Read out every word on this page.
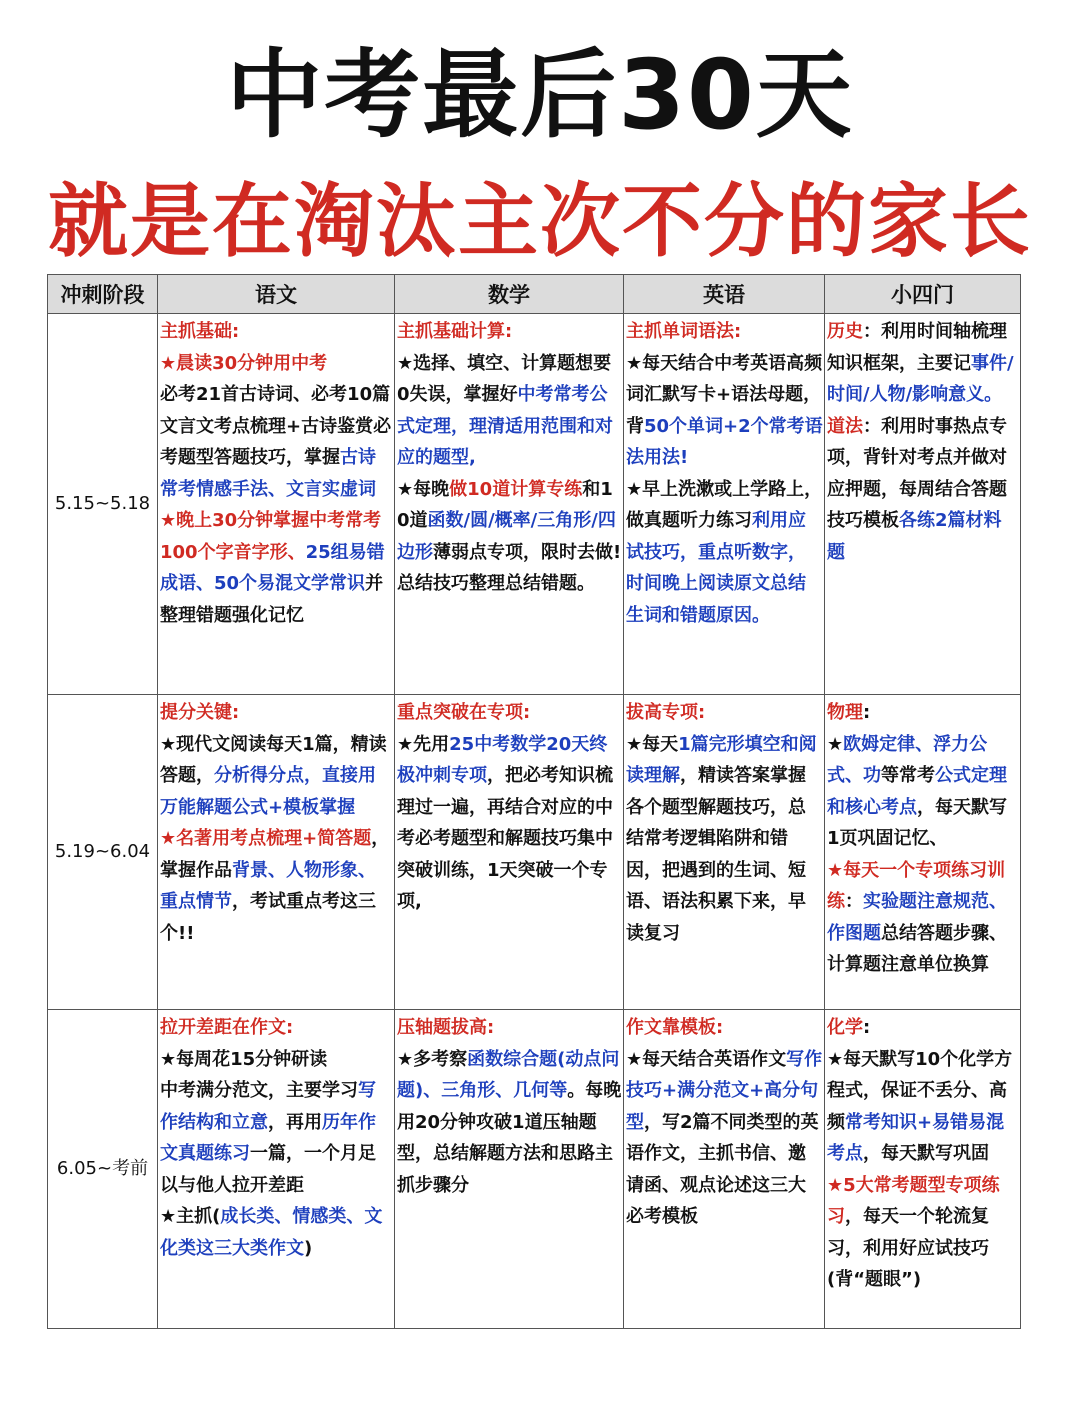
中考最后30天
就是在淘汰主次不分的家长
冲刺阶段	语文	数学	英语	小四门
5.15~5.18	主抓基础:
★晨读30分钟用中考
必考21首古诗词、必考10篇文言文考点梳理+古诗鉴赏必考题型答题技巧，掌握古诗常考情感手法、文言实虚词
★晚上30分钟掌握中考常考100个字音字形、25组易错成语、50个易混文学常识并整理错题强化记忆	主抓基础计算:
★选择、填空、计算题想要0失误，掌握好中考常考公式定理，理清适用范围和对应的题型,
★每晚做10道计算专练和10道函数/圆/概率/三角形/四边形薄弱点专项，限时去做!总结技巧整理总结错题。	主抓单词语法:
★每天结合中考英语高频词汇默写卡+语法母题，背50个单词+2个常考语法用法!
★早上洗漱或上学路上，做真题听力练习利用应试技巧，重点听数字，时间晚上阅读原文总结生词和错题原因。	历史：利用时间轴梳理知识框架，主要记事件/时间/人物/影响意义。
道法：利用时事热点专项，背针对考点并做对应押题，每周结合答题技巧模板各练2篇材料题
5.19~6.04	提分关键:
★现代文阅读每天1篇，精读答题，分析得分点，直接用万能解题公式+模板掌握
★名著用考点梳理+简答题，掌握作品背景、人物形象、重点情节，考试重点考这三个!!	重点突破在专项:
★先用25中考数学20天终极冲刺专项，把必考知识梳理过一遍，再结合对应的中考必考题型和解题技巧集中突破训练，1天突破一个专项,	拔高专项:
★每天1篇完形填空和阅读理解，精读答案掌握各个题型解题技巧，总结常考逻辑陷阱和错因，把遇到的生词、短语、语法积累下来，早读复习	物理:
★欧姆定律、浮力公式、功等常考公式定理和核心考点，每天默写1页巩固记忆、
★每天一个专项练习训练：实验题注意规范、作图题总结答题步骤、计算题注意单位换算
6.05~考前	拉开差距在作文:
★每周花15分钟研读
中考满分范文，主要学习写作结构和立意，再用历年作文真题练习一篇，一个月足以与他人拉开差距
★主抓(成长类、情感类、文化类这三大类作文)	压轴题拔高:
★多考察函数综合题(动点问题)、三角形、几何等。每晚用20分钟攻破1道压轴题型，总结解题方法和思路主抓步骤分	作文靠模板:
★每天结合英语作文写作技巧+满分范文+高分句型，写2篇不同类型的英语作文，主抓书信、邀请函、观点论述这三大必考模板	化学:
★每天默写10个化学方程式，保证不丢分、高频常考知识+易错易混考点，每天默写巩固
★5大常考题型专项练习，每天一个轮流复习，利用好应试技巧(背“题眼”)
